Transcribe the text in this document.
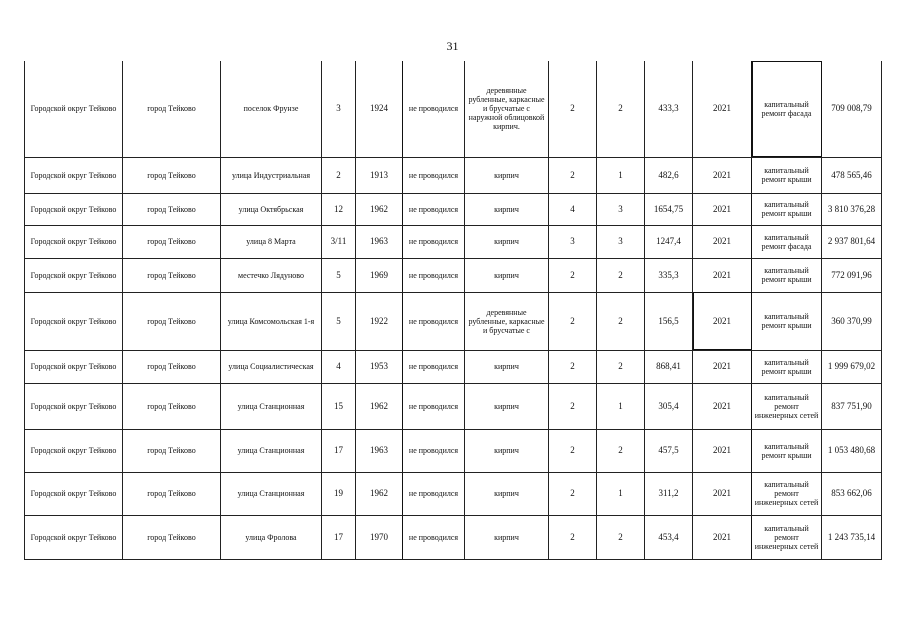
31
Городской округ Тейково	город Тейково	поселок Фрунзе	3	1924	не проводился	деревянные рубленные, каркасные и брусчатые с наружной облицовкой кирпич.	2	2	433,3	2021	капитальный ремонт фасада	709 008,79
Городской округ Тейково	город Тейково	улица Индустриальная	2	1913	не проводился	кирпич	2	1	482,6	2021	капитальный ремонт крыши	478 565,46
Городской округ Тейково	город Тейково	улица Октябрьская	12	1962	не проводился	кирпич	4	3	1654,75	2021	капитальный ремонт крыши	3 810 376,28
Городской округ Тейково	город Тейково	улица 8 Марта	3/11	1963	не проводился	кирпич	3	3	1247,4	2021	капитальный ремонт фасада	2 937 801,64
Городской округ Тейково	город Тейково	местечко Лядуново	5	1969	не проводился	кирпич	2	2	335,3	2021	капитальный ремонт крыши	772 091,96
Городской округ Тейково	город Тейково	улица Комсомольская 1-я	5	1922	не проводился	деревянные рубленные, каркасные и брусчатые с	2	2	156,5	2021	капитальный ремонт крыши	360 370,99
Городской округ Тейково	город Тейково	улица Социалистическая	4	1953	не проводился	кирпич	2	2	868,41	2021	капитальный ремонт крыши	1 999 679,02
Городской округ Тейково	город Тейково	улица Станционная	15	1962	не проводился	кирпич	2	1	305,4	2021	капитальный ремонт инженерных сетей	837 751,90
Городской округ Тейково	город Тейково	улица Станционная	17	1963	не проводился	кирпич	2	2	457,5	2021	капитальный ремонт крыши	1 053 480,68
Городской округ Тейково	город Тейково	улица Станционная	19	1962	не проводился	кирпич	2	1	311,2	2021	капитальный ремонт инженерных сетей	853 662,06
Городской округ Тейково	город Тейково	улица Фролова	17	1970	не проводился	кирпич	2	2	453,4	2021	капитальный ремонт инженерных сетей	1 243 735,14
